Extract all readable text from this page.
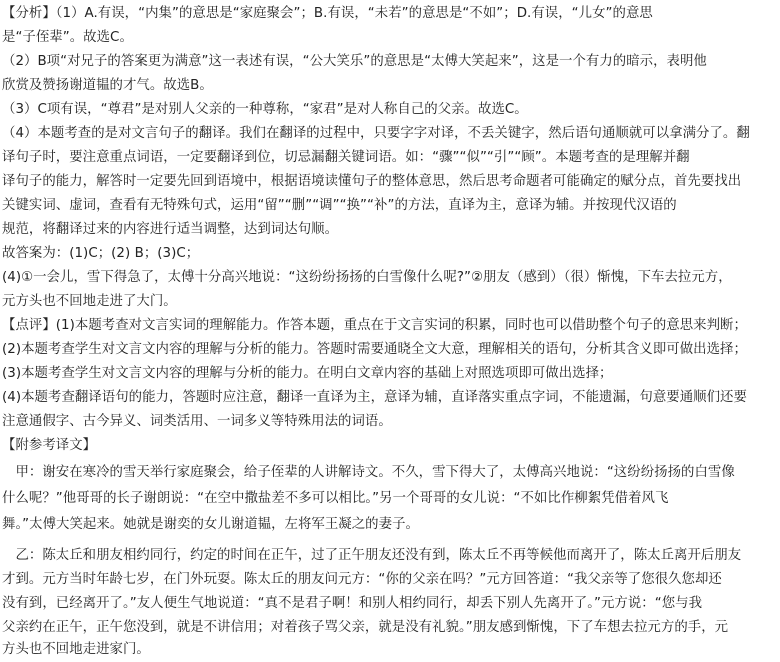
【分析】（1）A.有误，“内集”的意思是“家庭聚会”；B.有误，“未若”的意思是“不如”；D.有误，“儿女”的意思
是“子侄辈”。故选C。
（2）B项“对兄子的答案更为满意”这一表述有误，“公大笑乐”的意思是“太傅大笑起来”，这是一个有力的暗示，表明他
欣赏及赞扬谢道韫的才气。故选B。
（3）C项有误，“尊君”是对别人父亲的一种尊称，“家君”是对人称自己的父亲。故选C。
（4）本题考查的是对文言句子的翻译。我们在翻译的过程中，只要字字对译，不丢关键字，然后语句通顺就可以拿满分了。翻
译句子时，要注意重点词语，一定要翻译到位，切忌漏翻关键词语。如：“骤”“似”“引”“顾”。本题考查的是理解并翻
译句子的能力，解答时一定要先回到语境中，根据语境读懂句子的整体意思，然后思考命题者可能确定的赋分点，首先要找出
关键实词、虚词，查看有无特殊句式，运用“留”“删”“调”“换”“补”的方法，直译为主，意译为辅。并按现代汉语的
规范，将翻译过来的内容进行适当调整，达到词达句顺。
故答案为：(1)C；(2) B；(3)C；
(4)①一会儿，雪下得急了，太傅十分高兴地说：“这纷纷扬扬的白雪像什么呢?”②朋友（感到）（很）惭愧，下车去拉元方，
元方头也不回地走进了大门。
【点评】(1)本题考查对文言实词的理解能力。作答本题，重点在于文言实词的积累，同时也可以借助整个句子的意思来判断；
(2)本题考查学生对文言文内容的理解与分析的能力。答题时需要通晓全文大意，理解相关的语句，分析其含义即可做出选择；
(3)本题考查学生对文言文内容的理解与分析的能力。在明白文章内容的基础上对照选项即可做出选择；
(4)本题考查翻译语句的能力，答题时应注意，翻译一直译为主，意译为辅，直译落实重点字词，不能遗漏，句意要通顺们还要
注意通假字、古今异义、词类活用、一词多义等特殊用法的词语。
【附参考译文】
　甲：谢安在寒冷的雪天举行家庭聚会，给子侄辈的人讲解诗文。不久，雪下得大了，太傅高兴地说：“这纷纷扬扬的白雪像
什么呢？”他哥哥的长子谢朗说：“在空中撒盐差不多可以相比。”另一个哥哥的女儿说：“不如比作柳絮凭借着风飞
舞。”太傅大笑起来。她就是谢奕的女儿谢道韫，左将军王凝之的妻子。
　乙：陈太丘和朋友相约同行，约定的时间在正午，过了正午朋友还没有到，陈太丘不再等候他而离开了，陈太丘离开后朋友
才到。元方当时年龄七岁，在门外玩耍。陈太丘的朋友问元方：“你的父亲在吗？”元方回答道：“我父亲等了您很久您却还
没有到，已经离开了。”友人便生气地说道：“真不是君子啊！和别人相约同行，却丢下别人先离开了。”元方说：“您与我
父亲约在正午，正午您没到，就是不讲信用；对着孩子骂父亲，就是没有礼貌。”朋友感到惭愧，下了车想去拉元方的手，元
方头也不回地走进家门。
